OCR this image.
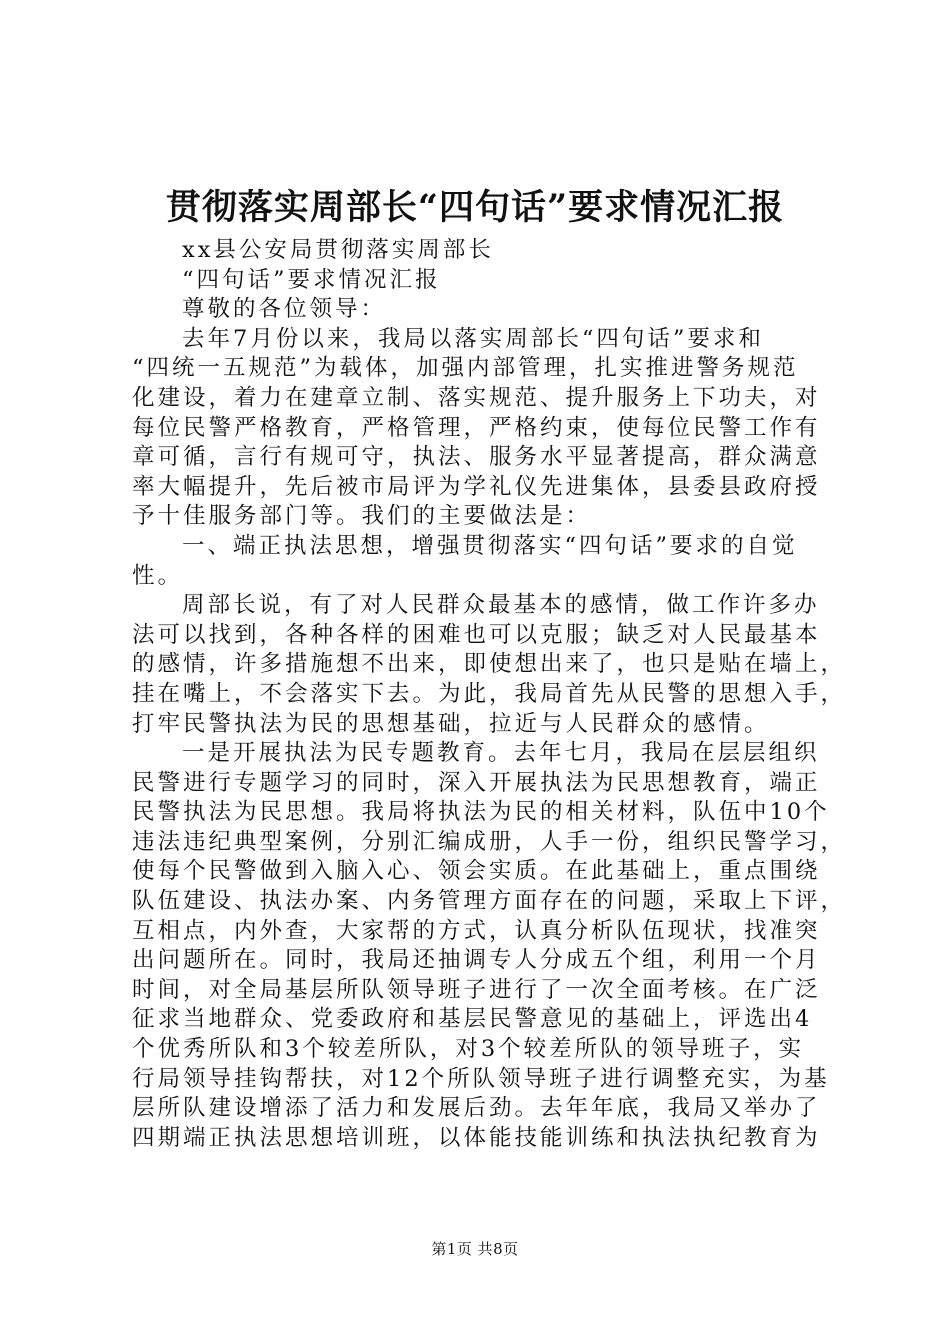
贯彻落实周部长“四句话”要求情况汇报
xx县公安局贯彻落实周部长
“四句话”要求情况汇报
尊敬的各位领导：
去年7月份以来，我局以落实周部长“四句话”要求和
“四统一五规范”为载体，加强内部管理，扎实推进警务规范
化建设，着力在建章立制、落实规范、提升服务上下功夫，对
每位民警严格教育，严格管理，严格约束，使每位民警工作有
章可循，言行有规可守，执法、服务水平显著提高，群众满意
率大幅提升，先后被市局评为学礼仪先进集体，县委县政府授
予十佳服务部门等。我们的主要做法是：
一、端正执法思想，增强贯彻落实“四句话”要求的自觉
性。
周部长说，有了对人民群众最基本的感情，做工作许多办
法可以找到，各种各样的困难也可以克服；缺乏对人民最基本
的感情，许多措施想不出来，即使想出来了，也只是贴在墙上，
挂在嘴上，不会落实下去。为此，我局首先从民警的思想入手，
打牢民警执法为民的思想基础，拉近与人民群众的感情。
一是开展执法为民专题教育。去年七月，我局在层层组织
民警进行专题学习的同时，深入开展执法为民思想教育，端正
民警执法为民思想。我局将执法为民的相关材料，队伍中10个
违法违纪典型案例，分别汇编成册，人手一份，组织民警学习，
使每个民警做到入脑入心、领会实质。在此基础上，重点围绕
队伍建设、执法办案、内务管理方面存在的问题，采取上下评，
互相点，内外查，大家帮的方式，认真分析队伍现状，找准突
出问题所在。同时，我局还抽调专人分成五个组，利用一个月
时间，对全局基层所队领导班子进行了一次全面考核。在广泛
征求当地群众、党委政府和基层民警意见的基础上，评选出4
个优秀所队和3个较差所队，对3个较差所队的领导班子，实
行局领导挂钩帮扶，对12个所队领导班子进行调整充实，为基
层所队建设增添了活力和发展后劲。去年年底，我局又举办了
四期端正执法思想培训班，以体能技能训练和执法执纪教育为
第1页 共8页
